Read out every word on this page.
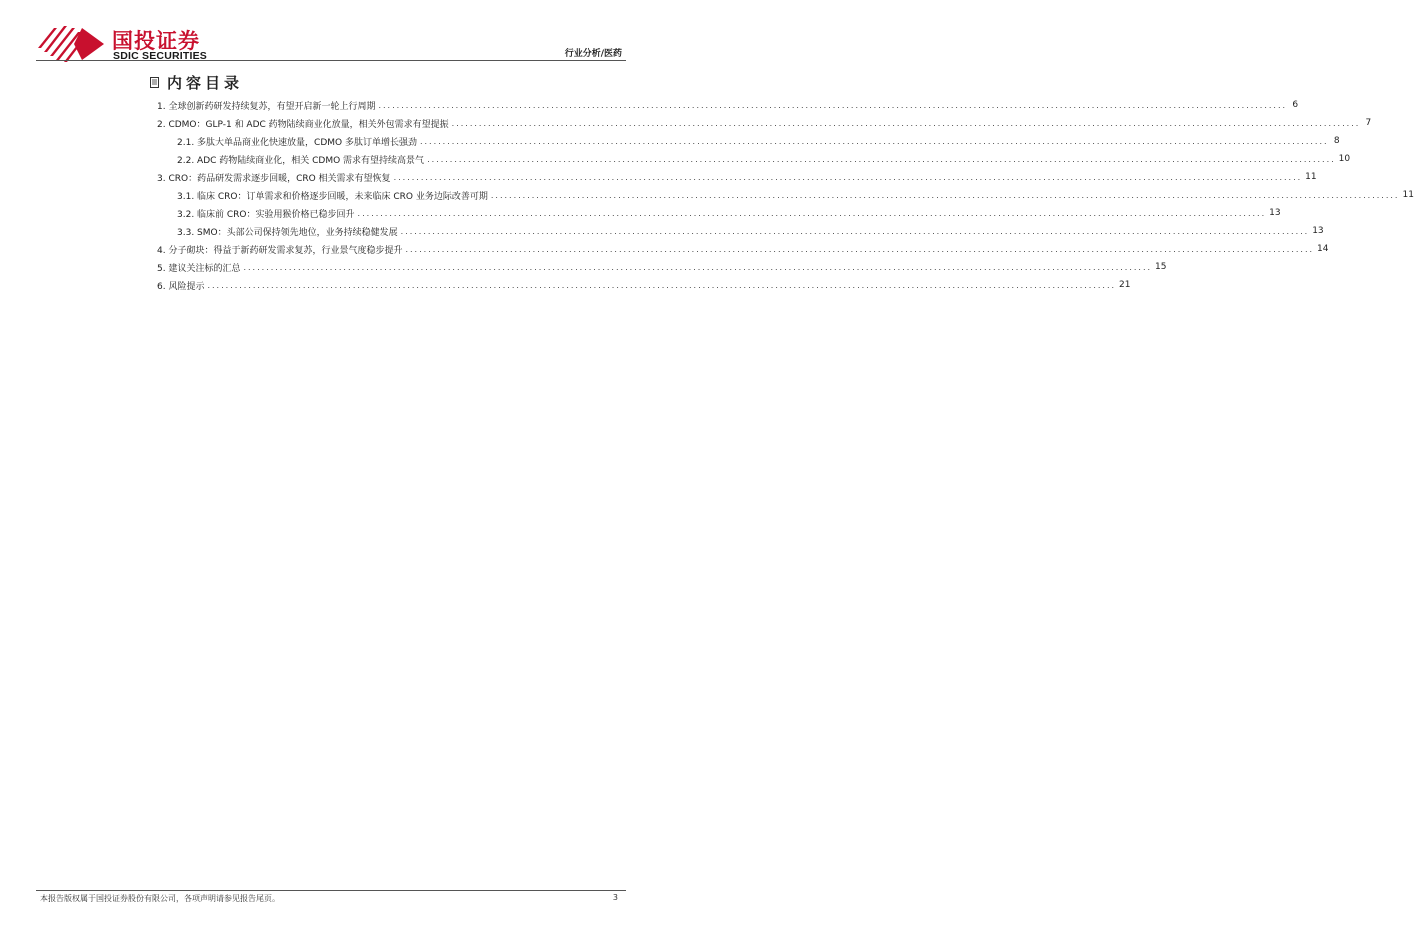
国投证券
SDIC SECURITIES	行业分析/医药
内容目录
1. 全球创新药研发持续复苏，有望开启新一轮上行周期 ........................................................................................................................................................................................................ 6
2. CDMO：GLP-1 和 ADC 药物陆续商业化放量，相关外包需求有望提振 ........................................................................................................................................................................................................ 7
2.1. 多肽大单品商业化快速放量，CDMO 多肽订单增长强劲 ........................................................................................................................................................................................................ 8
2.2. ADC 药物陆续商业化，相关 CDMO 需求有望持续高景气 ........................................................................................................................................................................................................ 10
3. CRO：药品研发需求逐步回暖，CRO 相关需求有望恢复 ........................................................................................................................................................................................................ 11
3.1. 临床 CRO：订单需求和价格逐步回暖，未来临床 CRO 业务边际改善可期 ........................................................................................................................................................................................................ 11
3.2. 临床前 CRO：实验用猴价格已稳步回升 ........................................................................................................................................................................................................ 13
3.3. SMO：头部公司保持领先地位，业务持续稳健发展 ........................................................................................................................................................................................................ 13
4. 分子砌块：得益于新药研发需求复苏，行业景气度稳步提升 ........................................................................................................................................................................................................ 14
5. 建议关注标的汇总 ........................................................................................................................................................................................................ 15
6. 风险提示 ........................................................................................................................................................................................................ 21
本报告版权属于国投证券股份有限公司，各项声明请参见报告尾页。	3
